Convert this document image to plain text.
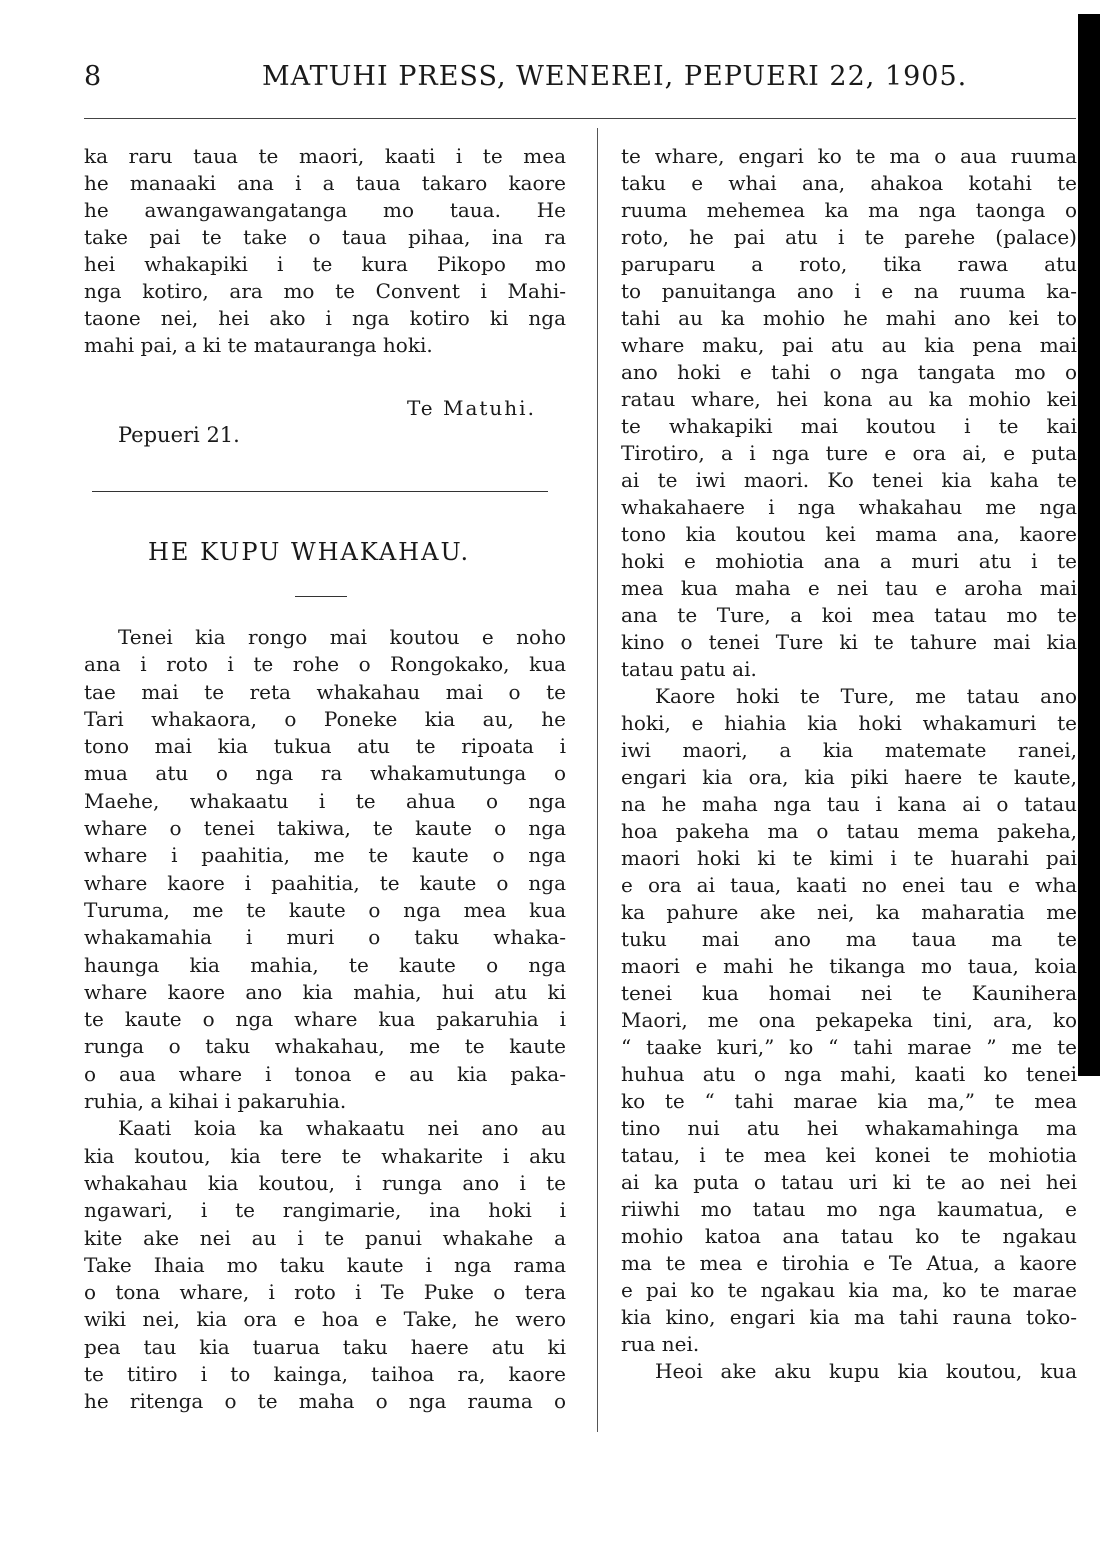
8	MATUHI PRESS, WENEREI, PEPUERI 22, 1905.
ka raru taua te maori, kaati i te mea
he manaaki ana i a taua takaro kaore
he awangawangatanga mo taua. He
take pai te take o taua pihaa, ina ra
hei whakapiki i te kura Pikopo mo
nga kotiro, ara mo te Convent i Mahi-
taone nei, hei ako i nga kotiro ki nga
mahi pai, a ki te matauranga hoki.
Te Matuhi.
Pepueri 21.
HE KUPU WHAKAHAU.
Tenei kia rongo mai koutou e noho
ana i roto i te rohe o Rongokako, kua
tae mai te reta whakahau mai o te
Tari whakaora, o Poneke kia au, he
tono mai kia tukua atu te ripoata i
mua atu o nga ra whakamutunga o
Maehe, whakaatu i te ahua o nga
whare o tenei takiwa, te kaute o nga
whare i paahitia, me te kaute o nga
whare kaore i paahitia, te kaute o nga
Turuma, me te kaute o nga mea kua
whakamahia i muri o taku whaka-
haunga kia mahia, te kaute o nga
whare kaore ano kia mahia, hui atu ki
te kaute o nga whare kua pakaruhia i
runga o taku whakahau, me te kaute
o aua whare i tonoa e au kia paka-
ruhia, a kihai i pakaruhia.
Kaati koia ka whakaatu nei ano au
kia koutou, kia tere te whakarite i aku
whakahau kia koutou, i runga ano i te
ngawari, i te rangimarie, ina hoki i
kite ake nei au i te panui whakahe a
Take Ihaia mo taku kaute i nga rama
o tona whare, i roto i Te Puke o tera
wiki nei, kia ora e hoa e Take, he wero
pea tau kia tuarua taku haere atu ki
te titiro i to kainga, taihoa ra, kaore
he ritenga o te maha o nga rauma o
te whare, engari ko te ma o aua ruuma
taku e whai ana, ahakoa kotahi te
ruuma mehemea ka ma nga taonga o
roto, he pai atu i te parehe (palace)
paruparu a roto, tika rawa atu
to panuitanga ano i e na ruuma ka-
tahi au ka mohio he mahi ano kei to
whare maku, pai atu au kia pena mai
ano hoki e tahi o nga tangata mo o
ratau whare, hei kona au ka mohio kei
te whakapiki mai koutou i te kai
Tirotiro, a i nga ture e ora ai, e puta
ai te iwi maori. Ko tenei kia kaha te
whakahaere i nga whakahau me nga
tono kia koutou kei mama ana, kaore
hoki e mohiotia ana a muri atu i te
mea kua maha e nei tau e aroha mai
ana te Ture, a koi mea tatau mo te
kino o tenei Ture ki te tahure mai kia
tatau patu ai.
Kaore hoki te Ture, me tatau ano
hoki, e hiahia kia hoki whakamuri te
iwi maori, a kia matemate ranei,
engari kia ora, kia piki haere te kaute,
na he maha nga tau i kana ai o tatau
hoa pakeha ma o tatau mema pakeha,
maori hoki ki te kimi i te huarahi pai
e ora ai taua, kaati no enei tau e wha
ka pahure ake nei, ka maharatia me
tuku mai ano ma taua ma te
maori e mahi he tikanga mo taua, koia
tenei kua homai nei te Kaunihera
Maori, me ona pekapeka tini, ara, ko
“ taake kuri,” ko “ tahi marae ” me te
huhua atu o nga mahi, kaati ko tenei
ko te “ tahi marae kia ma,” te mea
tino nui atu hei whakamahinga ma
tatau, i te mea kei konei te mohiotia
ai ka puta o tatau uri ki te ao nei hei
riiwhi mo tatau mo nga kaumatua, e
mohio katoa ana tatau ko te ngakau
ma te mea e tirohia e Te Atua, a kaore
e pai ko te ngakau kia ma, ko te marae
kia kino, engari kia ma tahi rauna toko-
rua nei.
Heoi ake aku kupu kia koutou, kua
